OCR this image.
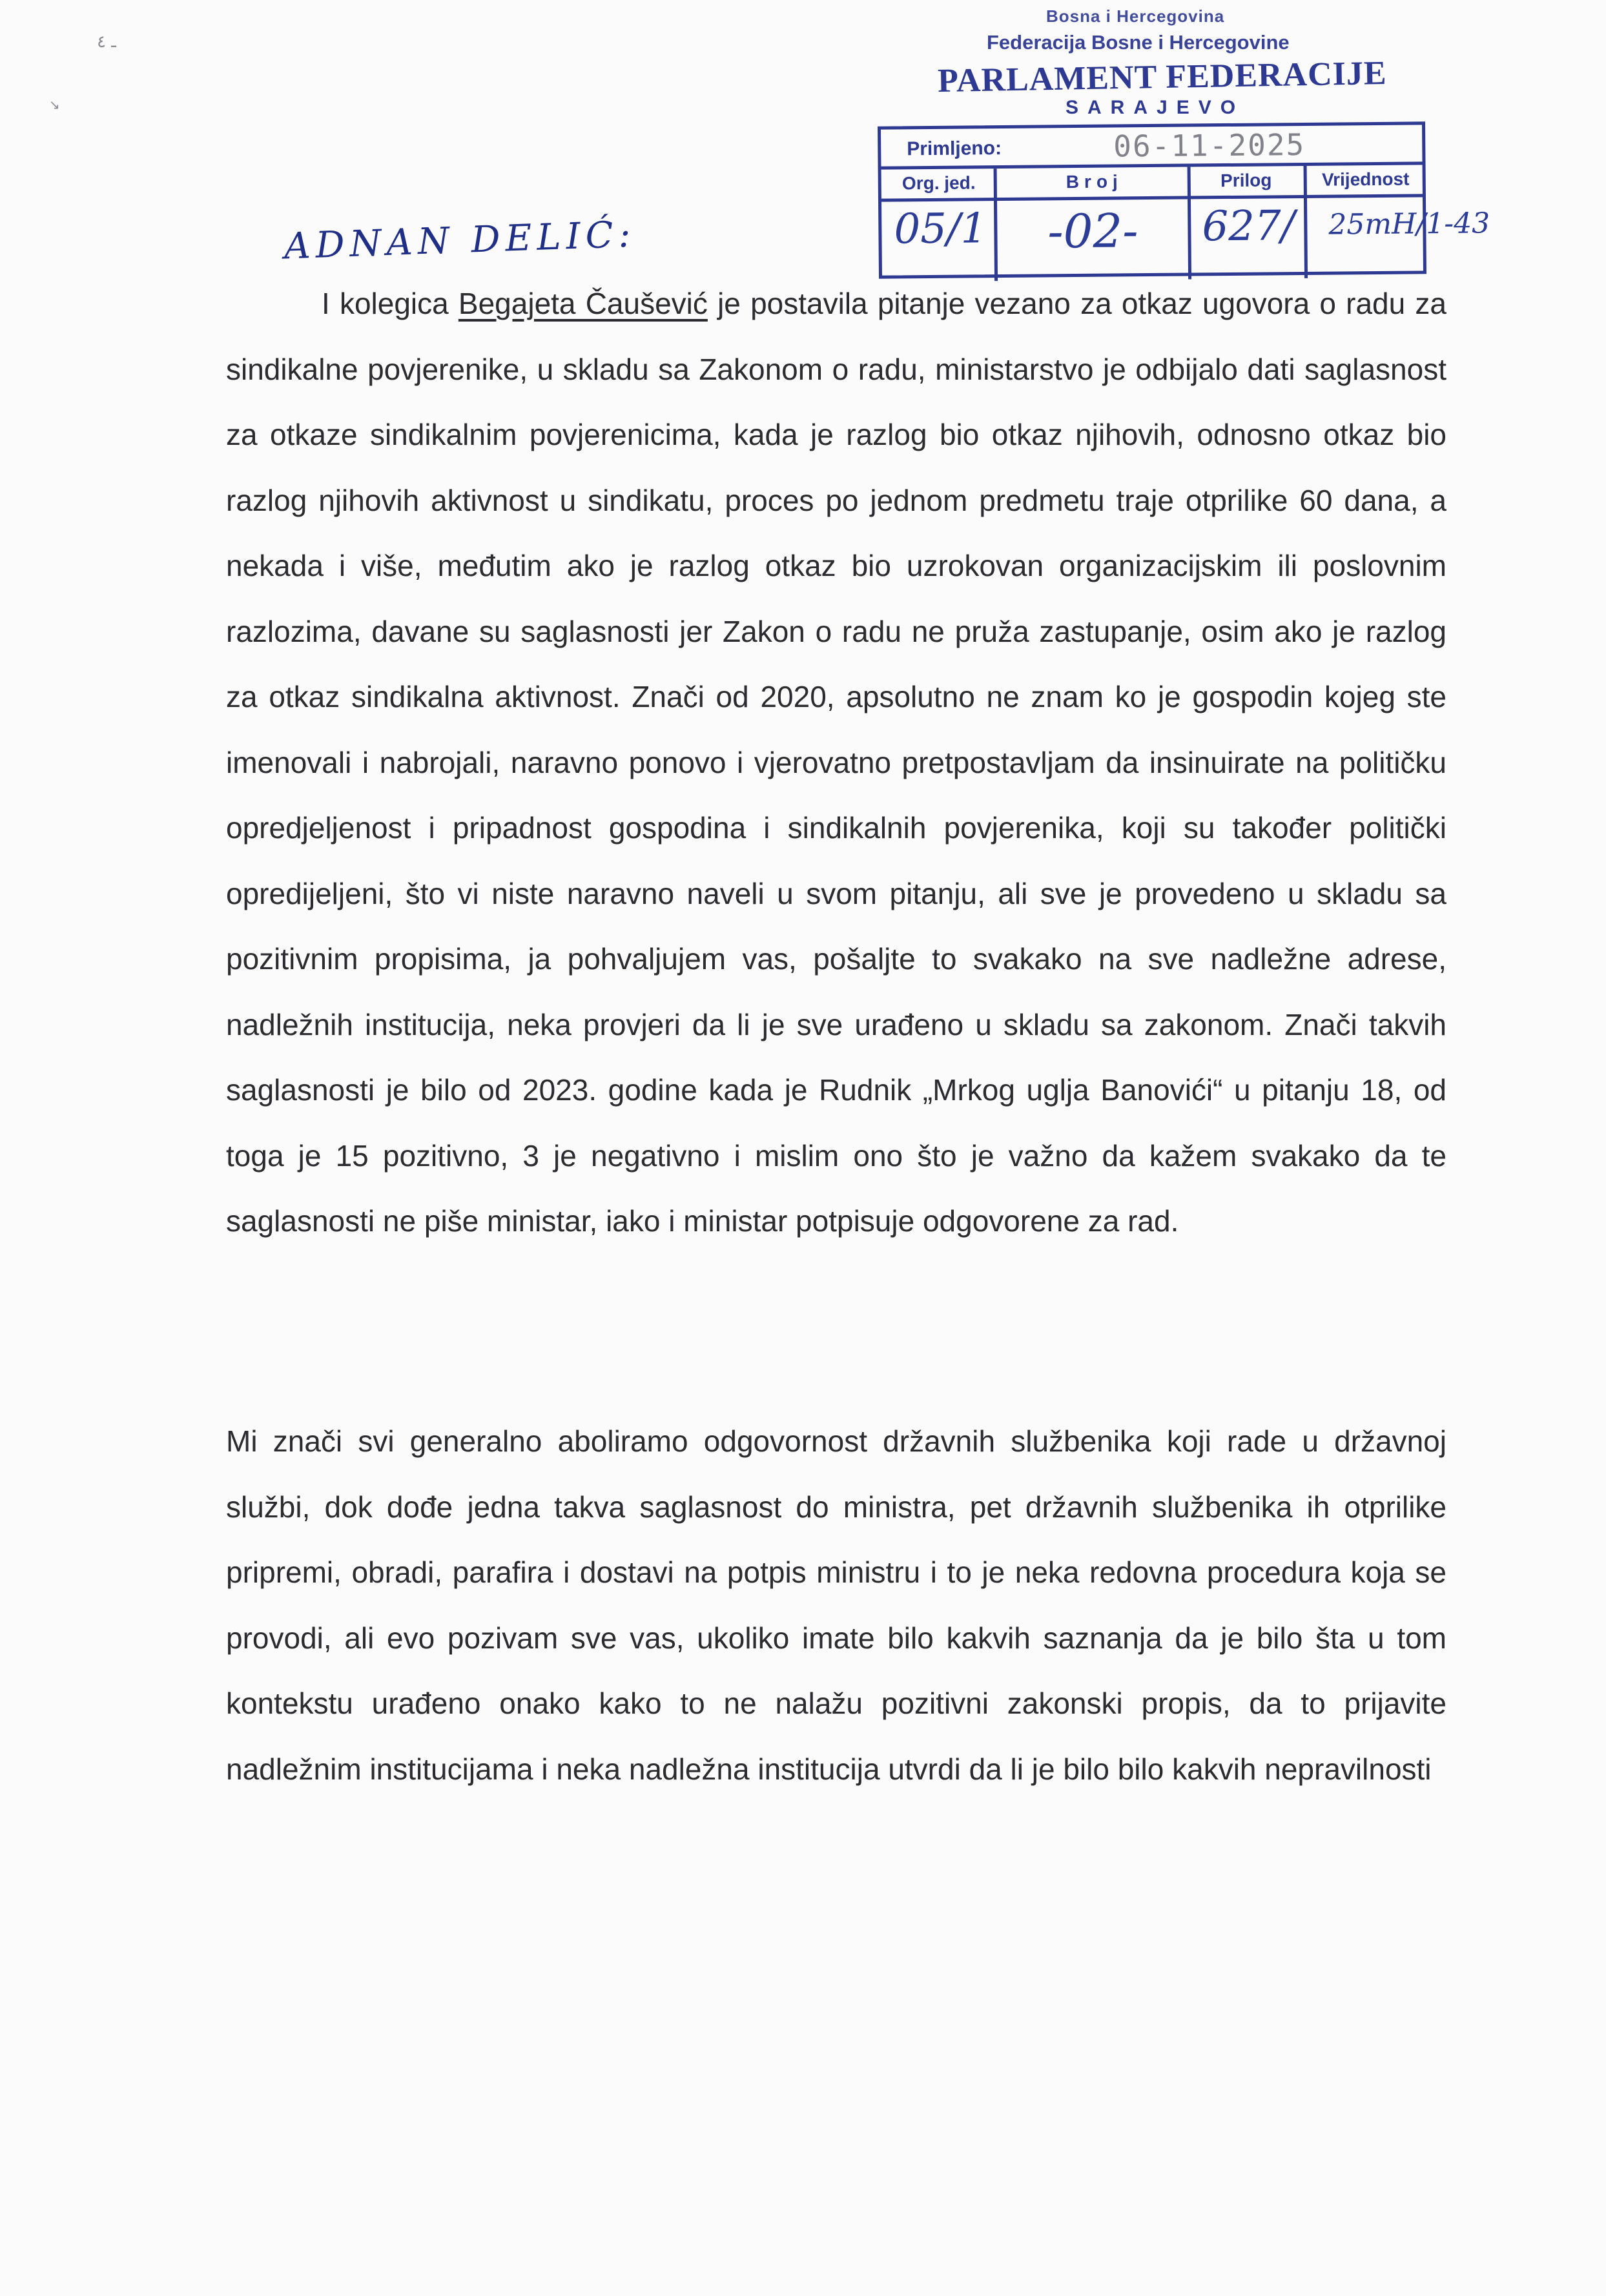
ـ ٤
↘
Bosna i Hercegovina
Federacija Bosne i Hercegovine
PARLAMENT FEDERACIJE
SARAJEVO
Primljeno:	06-11-2025
Org. jed.	Broj	Prilog	Vrijednost
05/1	-02-	627/	25mH/1-43
ADNAN DELIĆ:
I kolegica Begajeta Čaušević je postavila pitanje vezano za otkaz ugovora o radu za sindikalne povjerenike, u skladu sa Zakonom o radu, ministarstvo je odbijalo dati saglasnost za otkaze sindikalnim povjerenicima, kada je razlog bio otkaz njihovih, odnosno otkaz bio razlog njihovih aktivnost u sindikatu, proces po jednom predmetu traje otprilike 60 dana, a nekada i više, međutim ako je razlog otkaz bio uzrokovan organizacijskim ili poslovnim razlozima, davane su saglasnosti jer Zakon o radu ne pruža zastupanje, osim ako je razlog za otkaz sindikalna aktivnost. Znači od 2020, apsolutno ne znam ko je gospodin kojeg ste imenovali i nabrojali, naravno ponovo i vjerovatno pretpostavljam da insinuirate na političku opredjeljenost i pripadnost gospodina i sindikalnih povjerenika, koji su također politički opredijeljeni, što vi niste naravno naveli u svom pitanju, ali sve je provedeno u skladu sa pozitivnim propisima, ja pohvaljujem vas, pošaljte to svakako na sve nadležne adrese, nadležnih institucija, neka provjeri da li je sve urađeno u skladu sa zakonom. Znači takvih saglasnosti je bilo od 2023. godine kada je Rudnik „Mrkog uglja Banovići“ u pitanju 18, od toga je 15 pozitivno, 3 je negativno i mislim ono što je važno da kažem svakako da te saglasnosti ne piše ministar, iako i ministar potpisuje odgovorene za rad.
Mi znači svi generalno aboliramo odgovornost državnih službenika koji rade u državnoj službi, dok dođe jedna takva saglasnost do ministra, pet državnih službenika ih otprilike pripremi, obradi, parafira i dostavi na potpis ministru i to je neka redovna procedura koja se provodi, ali evo pozivam sve vas, ukoliko imate bilo kakvih saznanja da je bilo šta u tom kontekstu urađeno onako kako to ne nalažu pozitivni zakonski propis, da to prijavite nadležnim institucijama i neka nadležna institucija utvrdi da li je bilo bilo kakvih nepravilnosti
